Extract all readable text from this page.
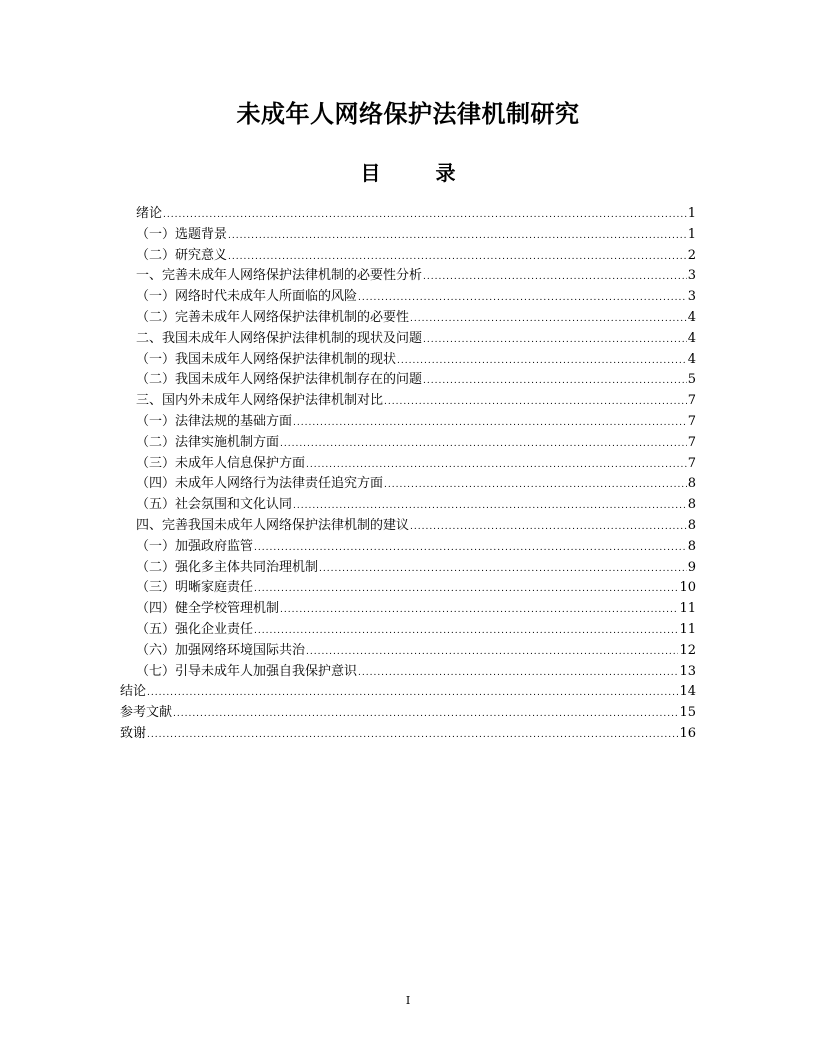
未成年人网络保护法律机制研究
目 录
绪论 .....	1
（一）选题背景 .....	1
（二）研究意义 .....	2
一、完善未成年人网络保护法律机制的必要性分析 .....	3
（一）网络时代未成年人所面临的风险 .....	3
（二）完善未成年人网络保护法律机制的必要性 .....	4
二、我国未成年人网络保护法律机制的现状及问题 .....	4
（一）我国未成年人网络保护法律机制的现状 .....	4
（二）我国未成年人网络保护法律机制存在的问题 .....	5
三、国内外未成年人网络保护法律机制对比 .....	7
（一）法律法规的基础方面 .....	7
（二）法律实施机制方面 .....	7
（三）未成年人信息保护方面 .....	7
（四）未成年人网络行为法律责任追究方面 .....	8
（五）社会氛围和文化认同 .....	8
四、完善我国未成年人网络保护法律机制的建议 .....	8
（一）加强政府监管 .....	8
（二）强化多主体共同治理机制 .....	9
（三）明晰家庭责任 .....	10
（四）健全学校管理机制 .....	11
（五）强化企业责任 .....	11
（六）加强网络环境国际共治 .....	12
（七）引导未成年人加强自我保护意识 .....	13
结论 .....	14
参考文献 .....	15
致谢 .....	16
I
